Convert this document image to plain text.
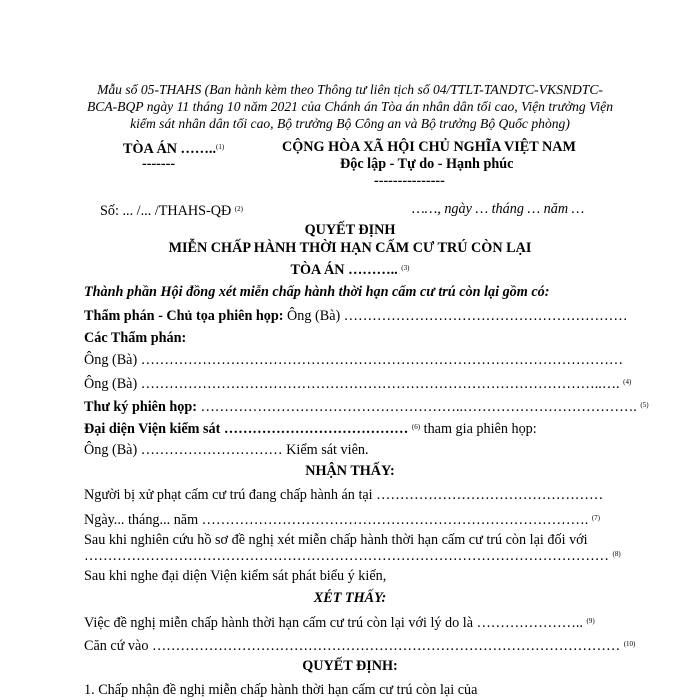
Mẫu số 05-THAHS (Ban hành kèm theo Thông tư liên tịch số 04/TTLT-TANDTC-VKSNDTC-
BCA-BQP ngày 11 tháng 10 năm 2021 của Chánh án Tòa án nhân dân tối cao, Viện trưởng Viện
kiểm sát nhân dân tối cao, Bộ trưởng Bộ Công an và Bộ trưởng Bộ Quốc phòng)
TÒA ÁN ……..$^{(1)}$
-------
CỘNG HÒA XÃ HỘI CHỦ NGHĨA VIỆT NAM
Độc lập - Tự do - Hạnh phúc
---------------
Số: ... /... /THAHS-QĐ $^{(2)}$	……, ngày … tháng … năm …
QUYẾT ĐỊNH
MIỄN CHẤP HÀNH THỜI HẠN CẤM CƯ TRÚ CÒN LẠI
TÒA ÁN ……….. $^{(3)}$
Thành phần Hội đồng xét miễn chấp hành thời hạn cấm cư trú còn lại gồm có:
Thẩm phán - Chủ tọa phiên họp: Ông (Bà) ……………………………………………………
Các Thẩm phán:
Ông (Bà) …………………………………………………………………………………………
Ông (Bà) ……………………………………………………………………………………..…. $^{(4)}$
Thư ký phiên họp: ………………………………………………..………………………………. $^{(5)}$
Đại diện Viện kiểm sát ………………………………… $^{(6)}$ tham gia phiên họp:
Ông (Bà) ………………………… Kiểm sát viên.
NHẬN THẤY:
Người bị xử phạt cấm cư trú đang chấp hành án tại …………………………………………
Ngày... tháng... năm ………………………………………………………………………. $^{(7)}$
Sau khi nghiên cứu hồ sơ đề nghị xét miễn chấp hành thời hạn cấm cư trú còn lại đối với
………………………………………………………………………………………………… $^{(8)}$
Sau khi nghe đại diện Viện kiểm sát phát biểu ý kiến,
XÉT THẤY:
Việc đề nghị miễn chấp hành thời hạn cấm cư trú còn lại với lý do là ………………….. $^{(9)}$
Căn cứ vào ……………………………………………………………………………………… $^{(10)}$
QUYẾT ĐỊNH:
1. Chấp nhận đề nghị miễn chấp hành thời hạn cấm cư trú còn lại của
